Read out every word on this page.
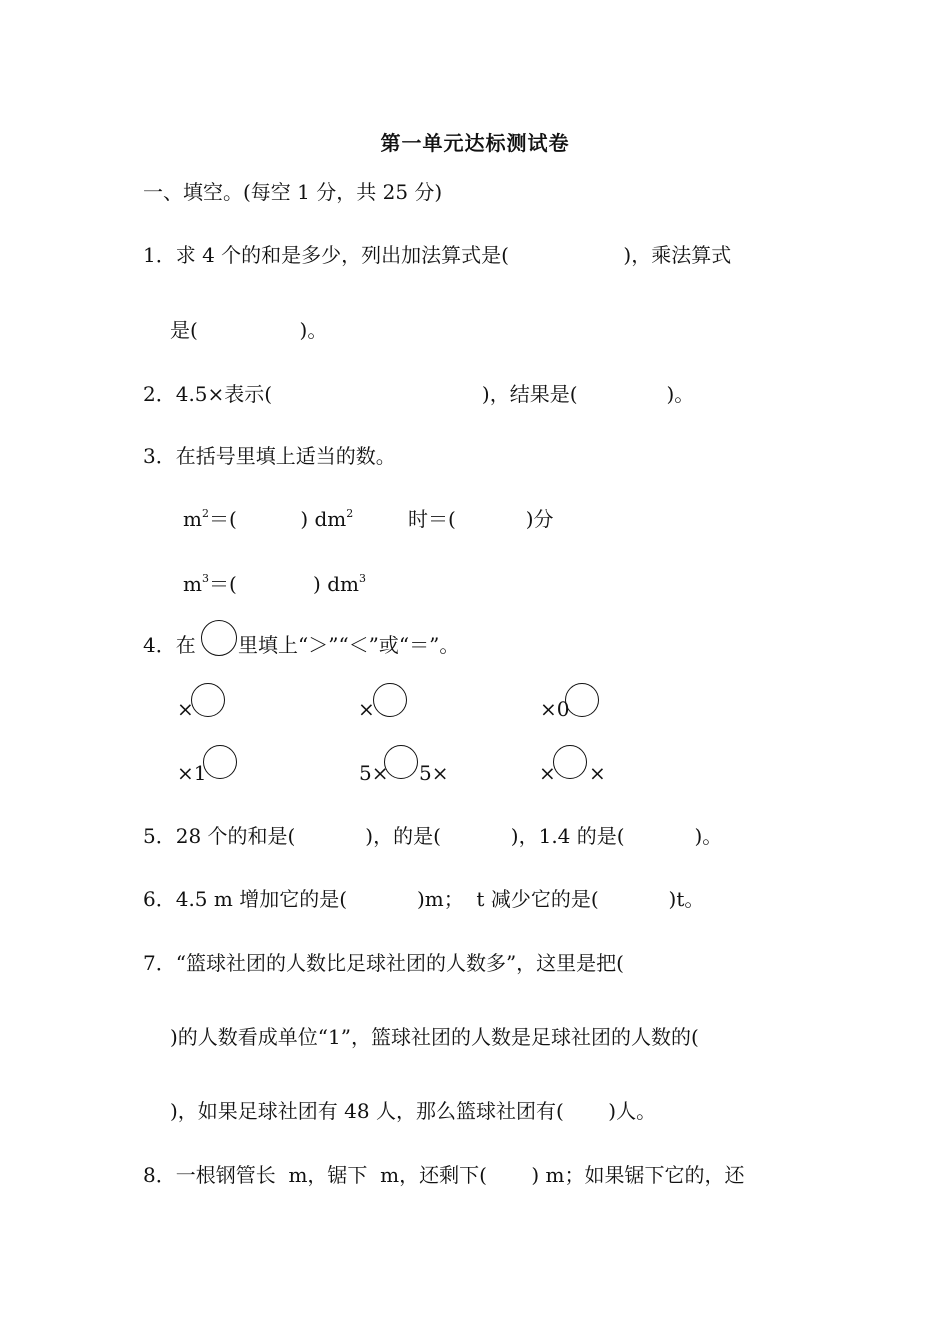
第一单元达标测试卷
一、填空。(每空 1 分，共 25 分)
1．求 4 个的和是多少，列出加法算式是(                  )，乘法算式
是(                )。
2．4.5×表示(                                 )，结果是(              )。
3．在括号里填上适当的数。
$m^2=$(          ) $dm^2$	时＝(           )分
$m^3=$(            ) $dm^3$
4．在 里填上“＞”“＜”或“＝”。
×	×	×0
×1	5× 5×	× ×
5．28 个的和是(           )，的是(           )，1.4 的是(           )。
6．4.5 m 增加它的是(           )m；  t 减少它的是(           )t。
7．“篮球社团的人数比足球社团的人数多”，这里是把(
)的人数看成单位“1”，篮球社团的人数是足球社团的人数的(
)，如果足球社团有 48 人，那么篮球社团有(       )人。
8．一根钢管长  m，锯下  m，还剩下(       ) m；如果锯下它的，还
